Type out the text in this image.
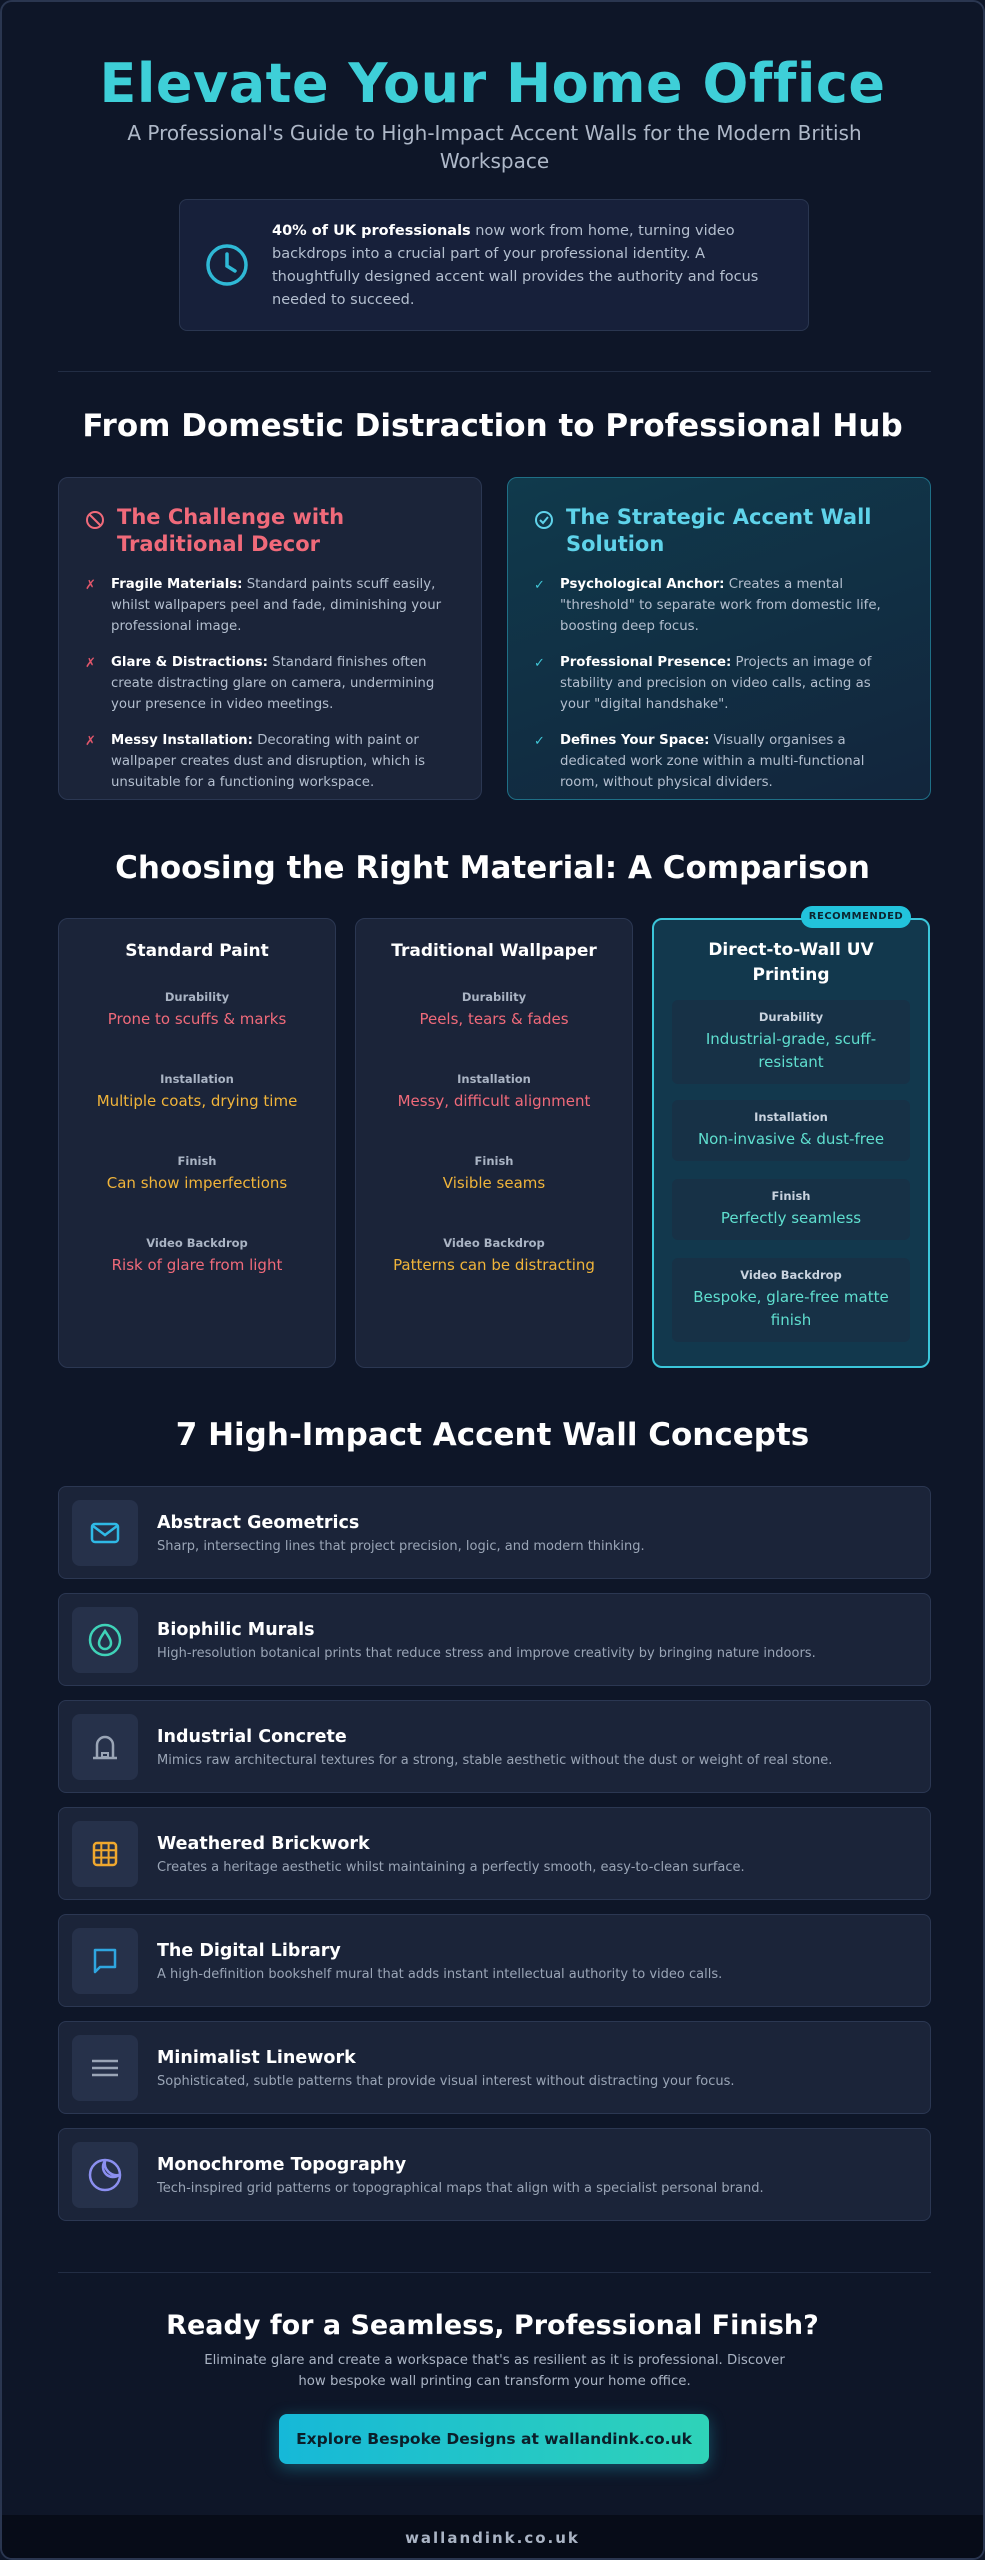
Elevate Your Home Office
A Professional's Guide to High-Impact Accent Walls for the Modern British Workspace
40% of UK professionals now work from home, turning video backdrops into a crucial part of your professional identity. A thoughtfully designed accent wall provides the authority and focus needed to succeed.
From Domestic Distraction to Professional Hub
The Challenge with Traditional Decor
✗ Fragile Materials: Standard paints scuff easily, whilst wallpapers peel and fade, diminishing your professional image.
✗ Glare & Distractions: Standard finishes often create distracting glare on camera, undermining your presence in video meetings.
✗ Messy Installation: Decorating with paint or wallpaper creates dust and disruption, which is unsuitable for a functioning workspace.
The Strategic Accent Wall Solution
✓ Psychological Anchor: Creates a mental "threshold" to separate work from domestic life, boosting deep focus.
✓ Professional Presence: Projects an image of stability and precision on video calls, acting as your "digital handshake".
✓ Defines Your Space: Visually organises a dedicated work zone within a multi-functional room, without physical dividers.
Choosing the Right Material: A Comparison
Standard Paint
Durability
Prone to scuffs & marks
Installation
Multiple coats, drying time
Finish
Can show imperfections
Video Backdrop
Risk of glare from light
Traditional Wallpaper
Durability
Peels, tears & fades
Installation
Messy, difficult alignment
Finish
Visible seams
Video Backdrop
Patterns can be distracting
Direct-to-Wall UV Printing
Durability
Industrial-grade, scuff-resistant
Installation
Non-invasive & dust-free
Finish
Perfectly seamless
Video Backdrop
Bespoke, glare-free matte finish
RECOMMENDED
7 High-Impact Accent Wall Concepts
Abstract Geometrics
Sharp, intersecting lines that project precision, logic, and modern thinking.
Biophilic Murals
High-resolution botanical prints that reduce stress and improve creativity by bringing nature indoors.
Industrial Concrete
Mimics raw architectural textures for a strong, stable aesthetic without the dust or weight of real stone.
Weathered Brickwork
Creates a heritage aesthetic whilst maintaining a perfectly smooth, easy-to-clean surface.
The Digital Library
A high-definition bookshelf mural that adds instant intellectual authority to video calls.
Minimalist Linework
Sophisticated, subtle patterns that provide visual interest without distracting your focus.
Monochrome Topography
Tech-inspired grid patterns or topographical maps that align with a specialist personal brand.
Ready for a Seamless, Professional Finish?
Eliminate glare and create a workspace that's as resilient as it is professional. Discover how bespoke wall printing can transform your home office.
Explore Bespoke Designs at wallandink.co.uk
wallandink.co.uk
